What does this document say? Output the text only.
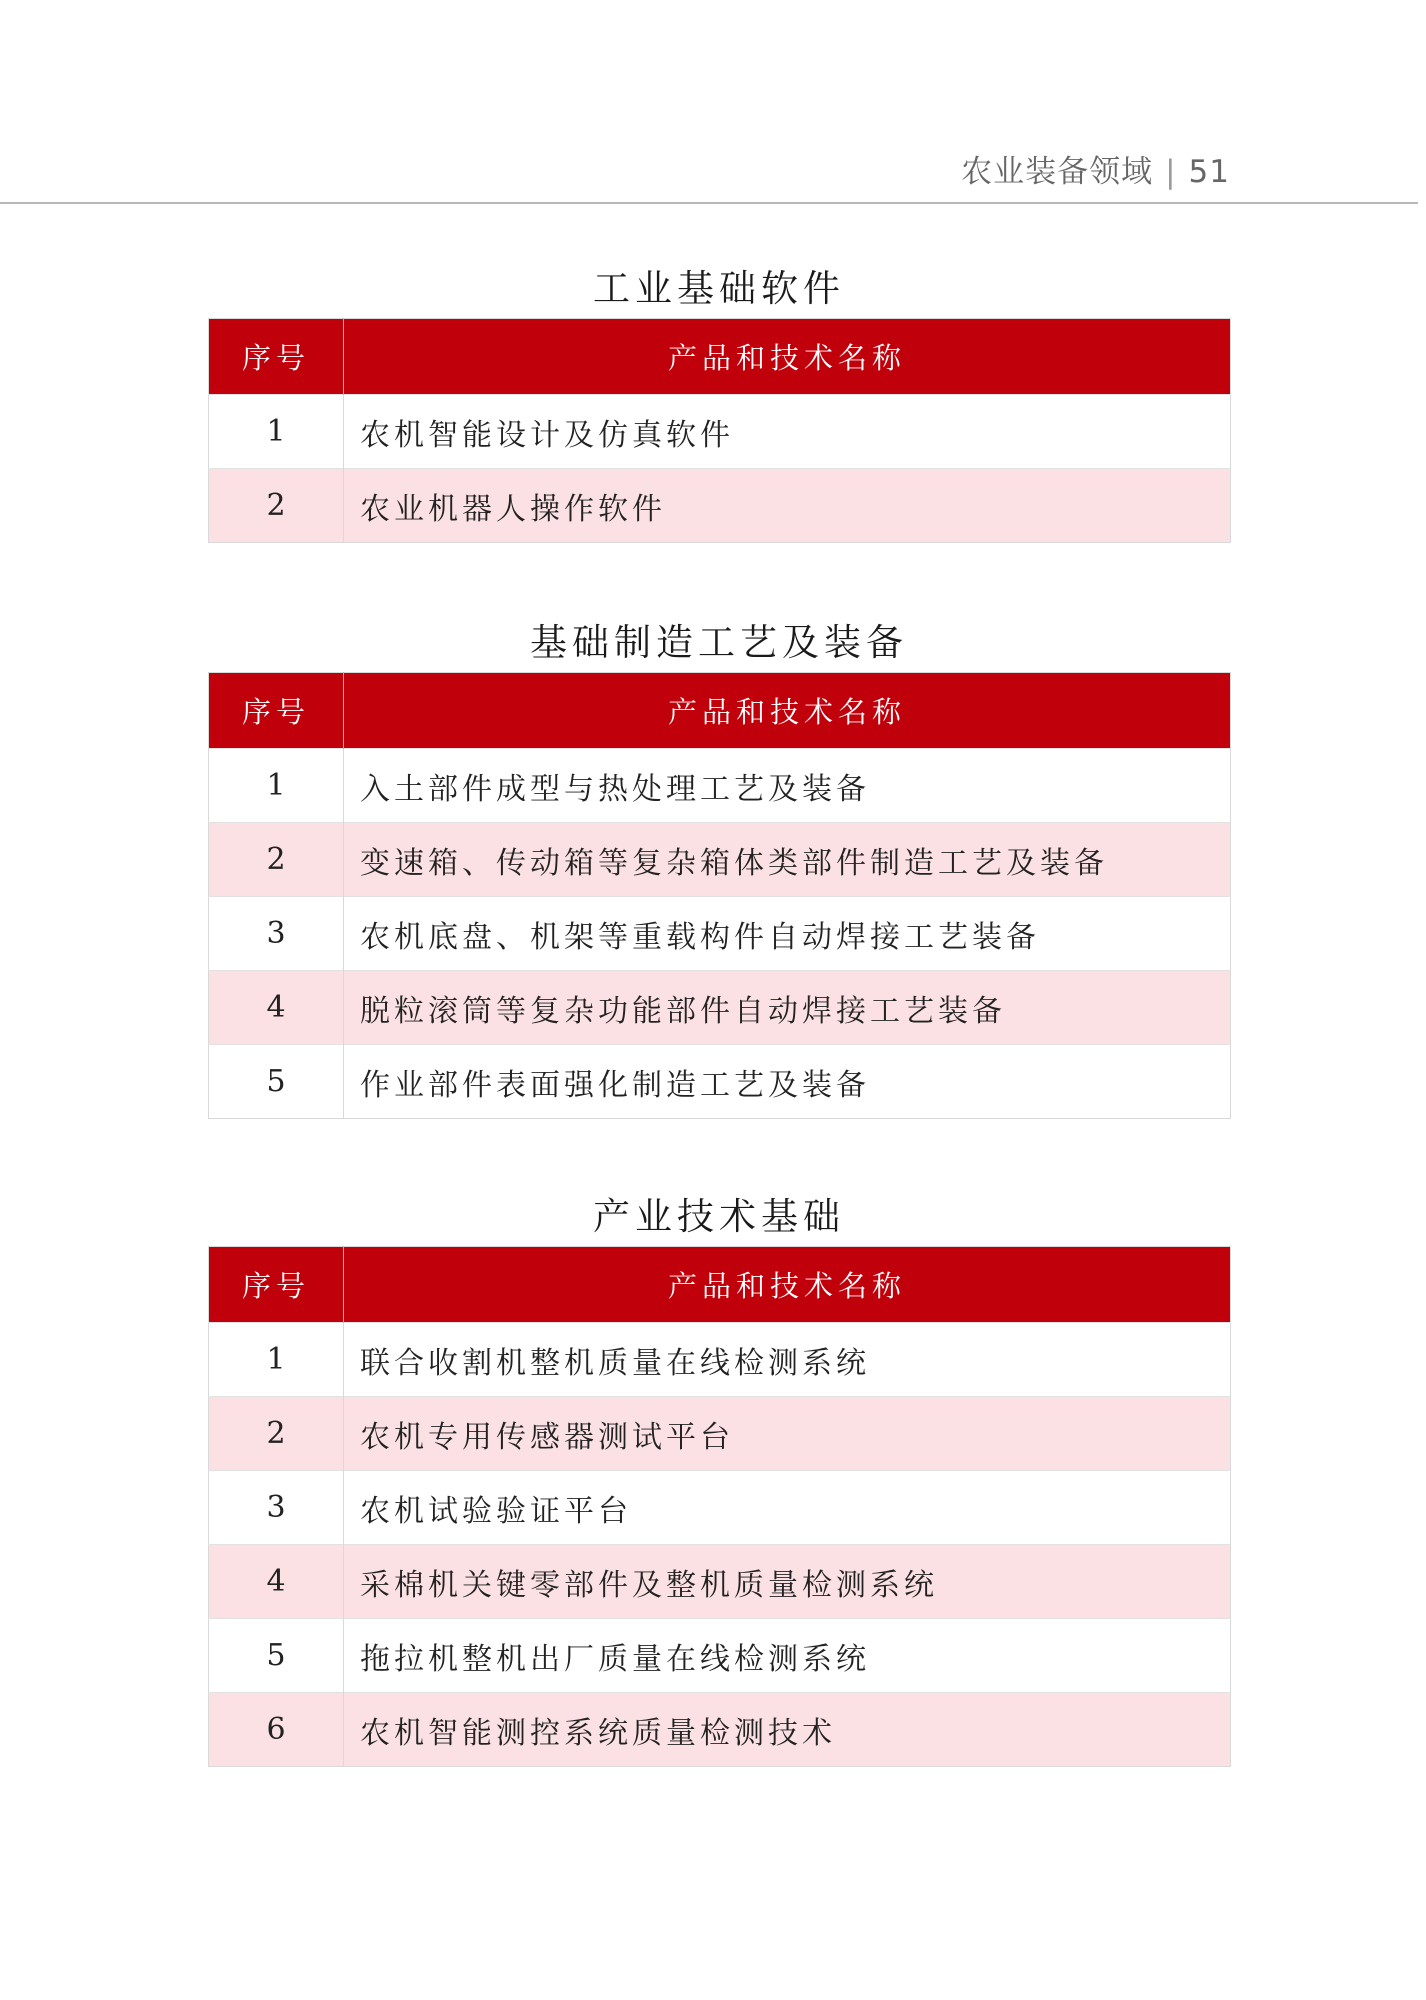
农业装备领域 | 51
工业基础软件
序号	产品和技术名称
1	农机智能设计及仿真软件
2	农业机器人操作软件
基础制造工艺及装备
序号	产品和技术名称
1	入土部件成型与热处理工艺及装备
2	变速箱、传动箱等复杂箱体类部件制造工艺及装备
3	农机底盘、机架等重载构件自动焊接工艺装备
4	脱粒滚筒等复杂功能部件自动焊接工艺装备
5	作业部件表面强化制造工艺及装备
产业技术基础
序号	产品和技术名称
1	联合收割机整机质量在线检测系统
2	农机专用传感器测试平台
3	农机试验验证平台
4	采棉机关键零部件及整机质量检测系统
5	拖拉机整机出厂质量在线检测系统
6	农机智能测控系统质量检测技术
